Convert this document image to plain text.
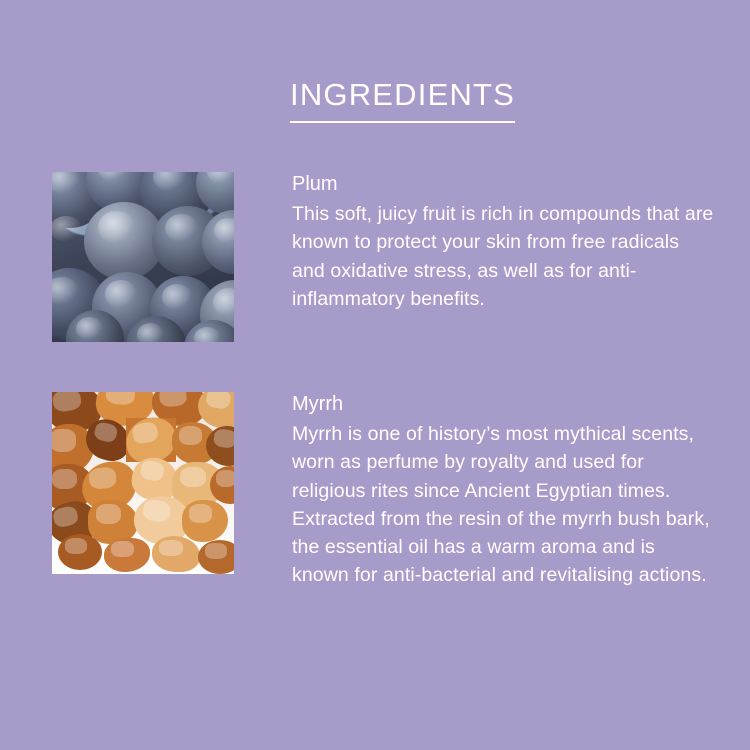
INGREDIENTS
Plum

This soft, juicy fruit is rich in compounds that are known to protect your skin from free radicals and oxidative stress, as well as for anti-inflammatory benefits.

Myrrh

Myrrh is one of history’s most mythical scents, worn as perfume by royalty and used for religious rites since Ancient Egyptian times. Extracted from the resin of the myrrh bush bark, the essential oil has a warm aroma and is known for anti-bacterial and revitalising actions.
